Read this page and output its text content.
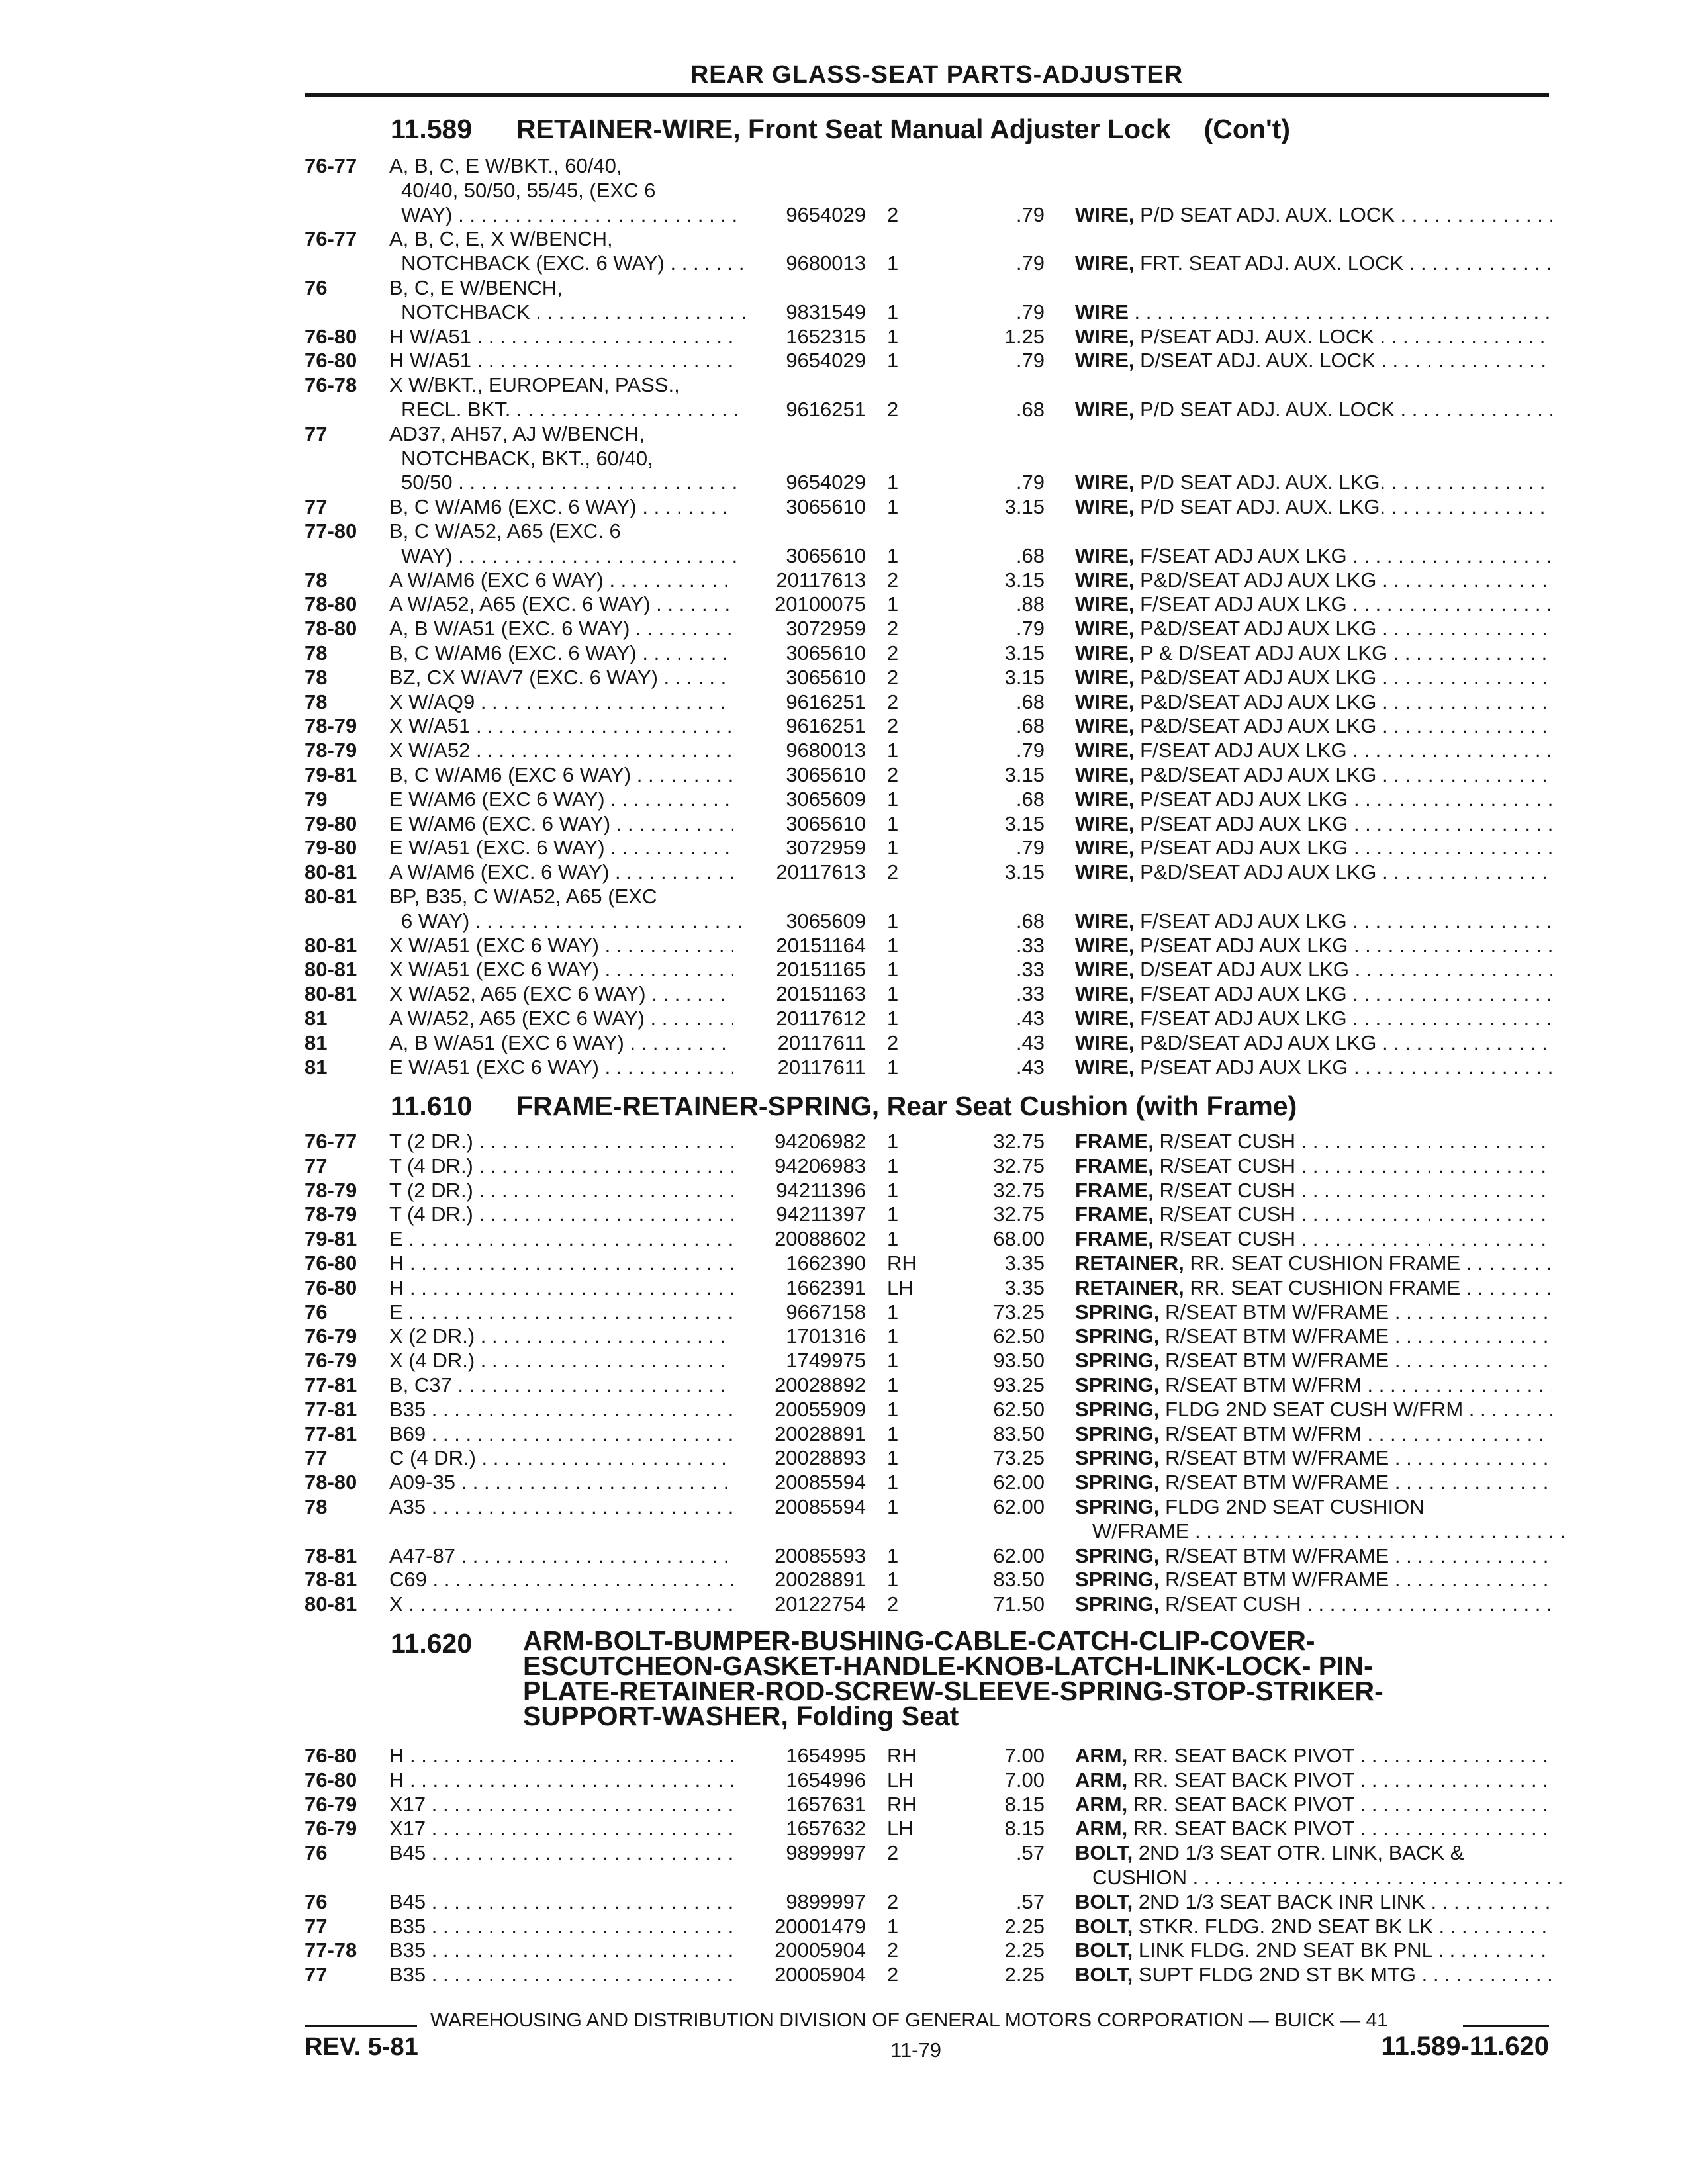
REAR GLASS-SEAT PARTS-ADJUSTER
11.589 RETAINER-WIRE, Front Seat Manual Adjuster Lock (Con't)
76-77 A, B, C, E W/BKT., 60/40,
40/40, 50/50, 55/45, (EXC 6
WAY) . . .	9654029 2	.79 WIRE, P/D SEAT ADJ. AUX. LOCK . . .
76-77 A, B, C, E, X W/BENCH,
NOTCHBACK (EXC. 6 WAY) . . .	9680013 1	.79 WIRE, FRT. SEAT ADJ. AUX. LOCK . . .
76	B, C, E W/BENCH,
NOTCHBACK . . .	9831549 1	.79 WIRE . . .
76-80 H W/A51 . . .	1652315 1	1.25 WIRE, P/SEAT ADJ. AUX. LOCK . . .
76-80 H W/A51 . . .	9654029 1	.79 WIRE, D/SEAT ADJ. AUX. LOCK . . .
76-78 X W/BKT., EUROPEAN, PASS.,
RECL. BKT. . . .	9616251 2	.68 WIRE, P/D SEAT ADJ. AUX. LOCK . . .
77	AD37, AH57, AJ W/BENCH,
NOTCHBACK, BKT., 60/40,
50/50 . . .	9654029 1	.79 WIRE, P/D SEAT ADJ. AUX. LKG. . . .
77	B, C W/AM6 (EXC. 6 WAY) . . .	3065610 1	3.15 WIRE, P/D SEAT ADJ. AUX. LKG. . . .
77-80 B, C W/A52, A65 (EXC. 6
WAY) . . .	3065610 1	.68 WIRE, F/SEAT ADJ AUX LKG . . .
78	A W/AM6 (EXC 6 WAY) . . .	20117613 2	3.15 WIRE, P&D/SEAT ADJ AUX LKG . . .
78-80 A W/A52, A65 (EXC. 6 WAY) . . .	20100075 1	.88 WIRE, F/SEAT ADJ AUX LKG . . .
78-80 A, B W/A51 (EXC. 6 WAY) . . .	3072959 2	.79 WIRE, P&D/SEAT ADJ AUX LKG . . .
78	B, C W/AM6 (EXC. 6 WAY) . . .	3065610 2	3.15 WIRE, P & D/SEAT ADJ AUX LKG . . .
78	BZ, CX W/AV7 (EXC. 6 WAY) . . .	3065610 2	3.15 WIRE, P&D/SEAT ADJ AUX LKG . . .
78	X W/AQ9 . . .	9616251 2	.68 WIRE, P&D/SEAT ADJ AUX LKG . . .
78-79 X W/A51 . . .	9616251 2	.68 WIRE, P&D/SEAT ADJ AUX LKG . . .
78-79 X W/A52 . . .	9680013 1	.79 WIRE, F/SEAT ADJ AUX LKG . . .
79-81 B, C W/AM6 (EXC 6 WAY) . . .	3065610 2	3.15 WIRE, P&D/SEAT ADJ AUX LKG . . .
79	E W/AM6 (EXC 6 WAY) . . .	3065609 1	.68 WIRE, P/SEAT ADJ AUX LKG . . .
79-80 E W/AM6 (EXC. 6 WAY) . . .	3065610 1	3.15 WIRE, P/SEAT ADJ AUX LKG . . .
79-80 E W/A51 (EXC. 6 WAY) . . .	3072959 1	.79 WIRE, P/SEAT ADJ AUX LKG . . .
80-81 A W/AM6 (EXC. 6 WAY) . . .	20117613 2	3.15 WIRE, P&D/SEAT ADJ AUX LKG . . .
80-81 BP, B35, C W/A52, A65 (EXC
6 WAY) . . .	3065609 1	.68 WIRE, F/SEAT ADJ AUX LKG . . .
80-81 X W/A51 (EXC 6 WAY) . . .	20151164 1	.33 WIRE, P/SEAT ADJ AUX LKG . . .
80-81 X W/A51 (EXC 6 WAY) . . .	20151165 1	.33 WIRE, D/SEAT ADJ AUX LKG . . .
80-81 X W/A52, A65 (EXC 6 WAY) . . .	20151163 1	.33 WIRE, F/SEAT ADJ AUX LKG . . .
81	A W/A52, A65 (EXC 6 WAY) . . .	20117612 1	.43 WIRE, F/SEAT ADJ AUX LKG . . .
81	A, B W/A51 (EXC 6 WAY) . . .	20117611 2	.43 WIRE, P&D/SEAT ADJ AUX LKG . . .
81	E W/A51 (EXC 6 WAY) . . .	20117611 1	.43 WIRE, P/SEAT ADJ AUX LKG . . .
11.610 FRAME-RETAINER-SPRING, Rear Seat Cushion (with Frame)
76-77 T (2 DR.) . . .	94206982 1	32.75 FRAME, R/SEAT CUSH . . .
77	T (4 DR.) . . .	94206983 1	32.75 FRAME, R/SEAT CUSH . . .
78-79 T (2 DR.) . . .	94211396 1	32.75 FRAME, R/SEAT CUSH . . .
78-79 T (4 DR.) . . .	94211397 1	32.75 FRAME, R/SEAT CUSH . . .
79-81 E . . .	20088602 1	68.00 FRAME, R/SEAT CUSH . . .
76-80 H . . .	1662390 RH	3.35 RETAINER, RR. SEAT CUSHION FRAME . . .
76-80 H . . .	1662391 LH	3.35 RETAINER, RR. SEAT CUSHION FRAME . . .
76	E . . .	9667158 1	73.25 SPRING, R/SEAT BTM W/FRAME . . .
76-79 X (2 DR.) . . .	1701316 1	62.50 SPRING, R/SEAT BTM W/FRAME . . .
76-79 X (4 DR.) . . .	1749975 1	93.50 SPRING, R/SEAT BTM W/FRAME . . .
77-81 B, C37 . . .	20028892 1	93.25 SPRING, R/SEAT BTM W/FRM . . .
77-81 B35 . . .	20055909 1	62.50 SPRING, FLDG 2ND SEAT CUSH W/FRM . . .
77-81 B69 . . .	20028891 1	83.50 SPRING, R/SEAT BTM W/FRM . . .
77	C (4 DR.) . . .	20028893 1	73.25 SPRING, R/SEAT BTM W/FRAME . . .
78-80 A09-35 . . .	20085594 1	62.00 SPRING, R/SEAT BTM W/FRAME . . .
78	A35 . . .	20085594 1	62.00 SPRING, FLDG 2ND SEAT CUSHION
W/FRAME . . .
78-81 A47-87 . . .	20085593 1	62.00 SPRING, R/SEAT BTM W/FRAME . . .
78-81 C69 . . .	20028891 1	83.50 SPRING, R/SEAT BTM W/FRAME . . .
80-81 X . . .	20122754 2	71.50 SPRING, R/SEAT CUSH . . .
11.620 ARM-BOLT-BUMPER-BUSHING-CABLE-CATCH-CLIP-COVER-
ESCUTCHEON-GASKET-HANDLE-KNOB-LATCH-LINK-LOCK- PIN-
PLATE-RETAINER-ROD-SCREW-SLEEVE-SPRING-STOP-STRIKER-
SUPPORT-WASHER, Folding Seat
76-80 H . . .	1654995 RH	7.00 ARM, RR. SEAT BACK PIVOT . . .
76-80 H . . .	1654996 LH	7.00 ARM, RR. SEAT BACK PIVOT . . .
76-79 X17 . . .	1657631 RH	8.15 ARM, RR. SEAT BACK PIVOT . . .
76-79 X17 . . .	1657632 LH	8.15 ARM, RR. SEAT BACK PIVOT . . .
76	B45 . . .	9899997 2	.57 BOLT, 2ND 1/3 SEAT OTR. LINK, BACK &
CUSHION . . .
76	B45 . . .	9899997 2	.57 BOLT, 2ND 1/3 SEAT BACK INR LINK . . .
77	B35 . . .	20001479 1	2.25 BOLT, STKR. FLDG. 2ND SEAT BK LK . . .
77-78 B35 . . .	20005904 2	2.25 BOLT, LINK FLDG. 2ND SEAT BK PNL . . .
77	B35 . . .	20005904 2	2.25 BOLT, SUPT FLDG 2ND ST BK MTG . . .
WAREHOUSING AND DISTRIBUTION DIVISION OF GENERAL MOTORS CORPORATION — BUICK — 41
REV. 5-81	11-79	11.589-11.620
